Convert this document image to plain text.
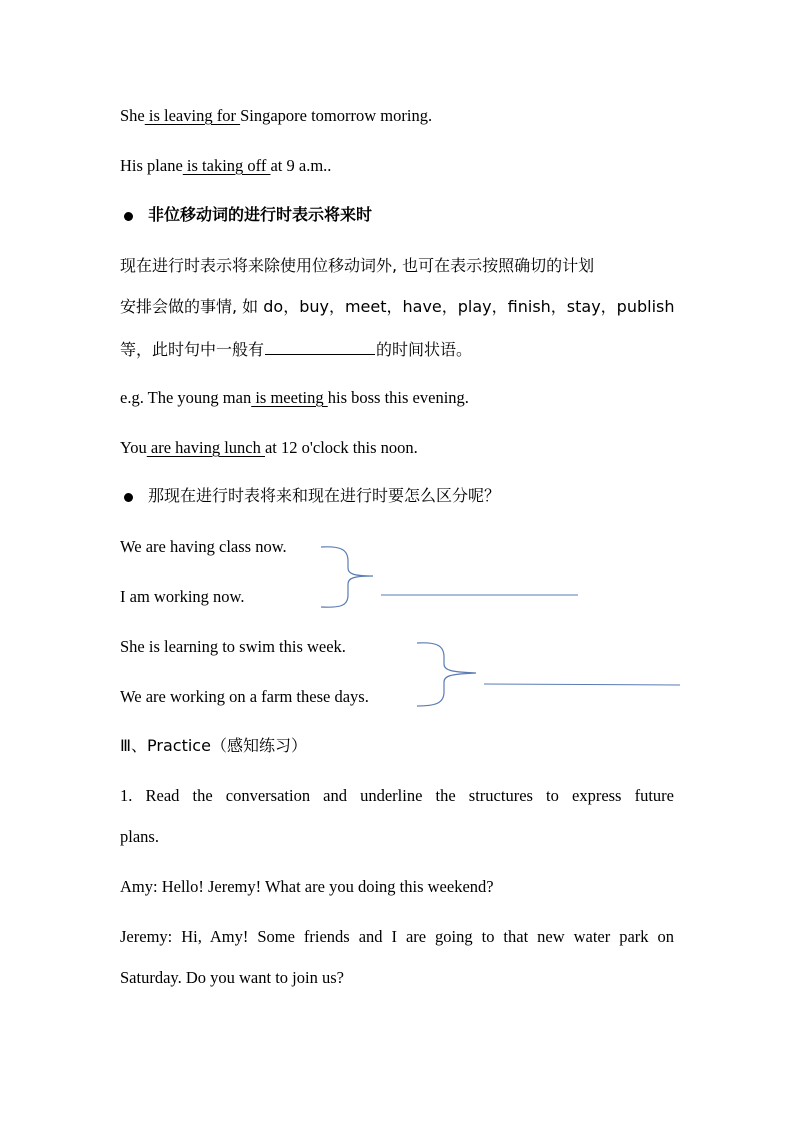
She is leaving for Singapore tomorrow moring.
His plane is taking off at 9 a.m..
非位移动词的进行时表示将来时
现在进行时表示将来除使用位移动词外, 也可在表示按照确切的计划
安排会做的事情, 如 do，buy，meet，have，play，finish，stay，publish
等，此时句中一般有	的时间状语。
e.g. The young man is meeting his boss this evening.
You are having lunch at 12 o'clock this noon.
那现在进行时表将来和现在进行时要怎么区分呢？
We are having class now.
I am working now.
She is learning to swim this week.
We are working on a farm these days.
Ⅲ、Practice（感知练习）
1. Read the conversation and underline the structures to express future
plans.
Amy: Hello! Jeremy! What are you doing this weekend?
Jeremy: Hi, Amy! Some friends and I are going to that new water park on
Saturday. Do you want to join us?
